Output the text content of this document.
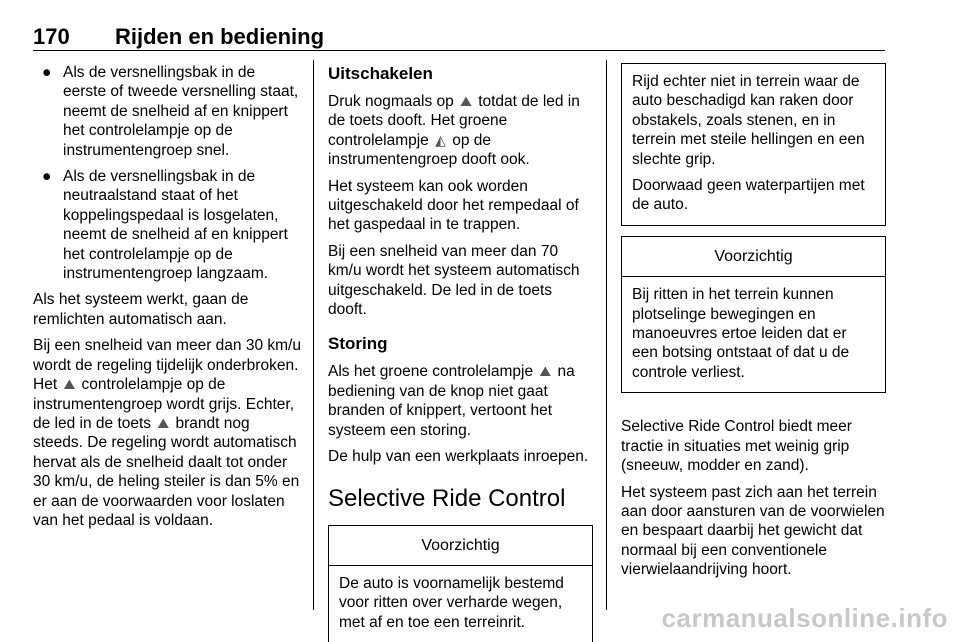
170 Rijden en bediening
● Als de versnellingsbak in de eerste of tweede versnelling staat, neemt de snelheid af en knippert het controlelampje op de instrumentengroep snel.
● Als de versnellingsbak in de neutraalstand staat of het koppelingspedaal is losgelaten, neemt de snelheid af en knippert het controlelampje op de instrumentengroep langzaam.

Als het systeem werkt, gaan de remlichten automatisch aan.

Bij een snelheid van meer dan 30 km/u wordt de regeling tijdelijk onderbroken. Het ⛰ controlelampje op de instrumentengroep wordt grijs. Echter, de led in de toets ⛰ brandt nog steeds. De regeling wordt automatisch hervat als de snelheid daalt tot onder 30 km/u, de heling steiler is dan 5% en er aan de voorwaarden voor loslaten van het pedaal is voldaan.

Uitschakelen

Druk nogmaals op ⛰ totdat de led in de toets dooft. Het groene controlelampje ◭ op de instrumentengroep dooft ook.

Het systeem kan ook worden uitgeschakeld door het rempedaal of het gaspedaal in te trappen.

Bij een snelheid van meer dan 70 km/u wordt het systeem automatisch uitgeschakeld. De led in de toets dooft.

Storing

Als het groene controlelampje ⛰ na bediening van de knop niet gaat branden of knippert, vertoont het systeem een storing.

De hulp van een werkplaats inroepen.

Selective Ride Control
Voorzichtig

De auto is voornamelijk bestemd voor ritten over verharde wegen, met af en toe een terreinrit.

Rijd echter niet in terrein waar de auto beschadigd kan raken door obstakels, zoals stenen, en in terrein met steile hellingen en een slechte grip.

Doorwaad geen waterpartijen met de auto.

Voorzichtig

Bij ritten in het terrein kunnen plotselinge bewegingen en manoeuvres ertoe leiden dat er een botsing ontstaat of dat u de controle verliest.

Selective Ride Control biedt meer tractie in situaties met weinig grip (sneeuw, modder en zand).

Het systeem past zich aan het terrein aan door aansturen van de voorwielen en bespaart daarbij het gewicht dat normaal bij een conventionele vierwielaandrijving hoort.

carmanualsonline.info
